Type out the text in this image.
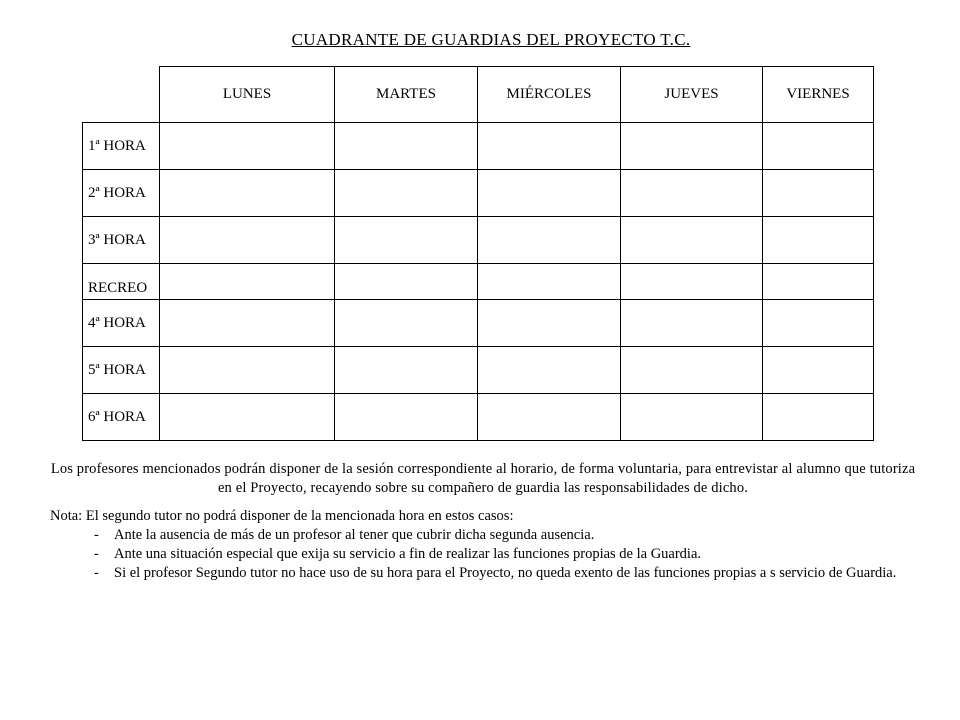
CUADRANTE DE GUARDIAS DEL PROYECTO T.C.
	LUNES	MARTES	MIÉRCOLES	JUEVES	VIERNES
1ª HORA					
2ª HORA					
3ª HORA					
RECREO					
4ª HORA					
5ª HORA					
6ª HORA					

Los profesores mencionados podrán disponer de la sesión correspondiente al horario, de forma voluntaria, para entrevistar al alumno que tutoriza en el Proyecto, recayendo sobre su compañero de guardia las responsabilidades de dicho.

Nota: El segundo tutor no podrá disponer de la mencionada hora en estos casos:
- Ante la ausencia de más de un profesor al tener que cubrir dicha segunda ausencia.
- Ante una situación especial que exija su servicio a fin de realizar las funciones propias de la Guardia.
- Si el profesor Segundo tutor no hace uso de su hora para el Proyecto, no queda exento de las funciones propias a s servicio de Guardia.
